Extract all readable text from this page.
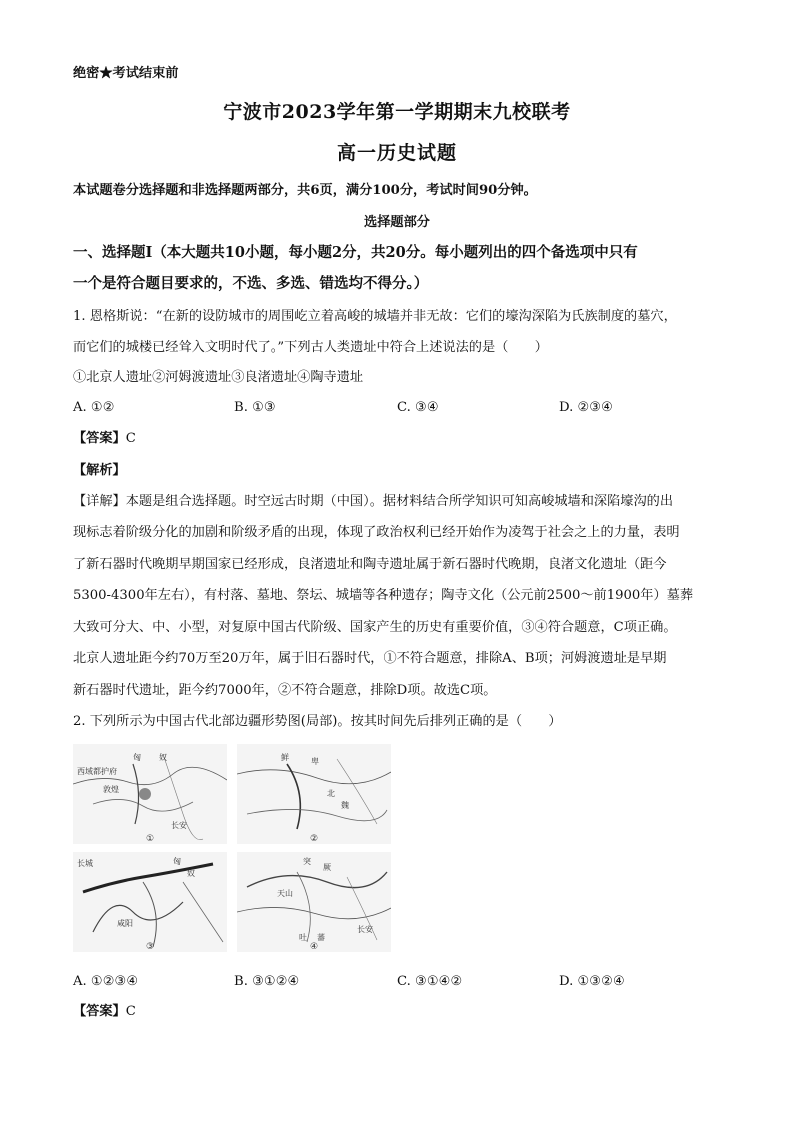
绝密★考试结束前
宁波市2023学年第一学期期末九校联考
高一历史试题
本试题卷分选择题和非选择题两部分，共6页，满分100分，考试时间90分钟。
选择题部分
一、选择题Ⅰ（本大题共10小题，每小题2分，共20分。每小题列出的四个备选项中只有
一个是符合题目要求的，不选、多选、错选均不得分。）
1. 恩格斯说：“在新的设防城市的周围屹立着高峻的城墙并非无故：它们的壕沟深陷为氏族制度的墓穴，
而它们的城楼已经耸入文明时代了。”下列古人类遗址中符合上述说法的是（　　）
①北京人遗址②河姆渡遗址③良渚遗址④陶寺遗址
A. ①②	B. ①③	C. ③④	D. ②③④
【答案】C
【解析】
【详解】本题是组合选择题。时空远古时期（中国）。据材料结合所学知识可知高峻城墙和深陷壕沟的出
现标志着阶级分化的加剧和阶级矛盾的出现，体现了政治权利已经开始作为凌驾于社会之上的力量，表明
了新石器时代晚期早期国家已经形成，良渚遗址和陶寺遗址属于新石器时代晚期，良渚文化遗址（距今
5300-4300年左右），有村落、墓地、祭坛、城墙等各种遗存；陶寺文化（公元前2500～前1900年）墓葬
大致可分大、中、小型，对复原中国古代阶级、国家产生的历史有重要价值，③④符合题意，C项正确。
北京人遗址距今约70万至20万年，属于旧石器时代，①不符合题意，排除A、B项；河姆渡遗址是早期
新石器时代遗址，距今约7000年，②不符合题意，排除D项。故选C项。
2. 下列所示为中国古代北部边疆形势图(局部)。按其时间先后排列正确的是（　　）
匈 奴
敦煌
西域都护府
长安
①
鲜	卑
北
魏
②
匈
奴
咸阳
长城
③
突
厥
天山
长安
吐 蕃
④
A. ①②③④	B. ③①②④	C. ③①④②	D. ①③②④
【答案】C
